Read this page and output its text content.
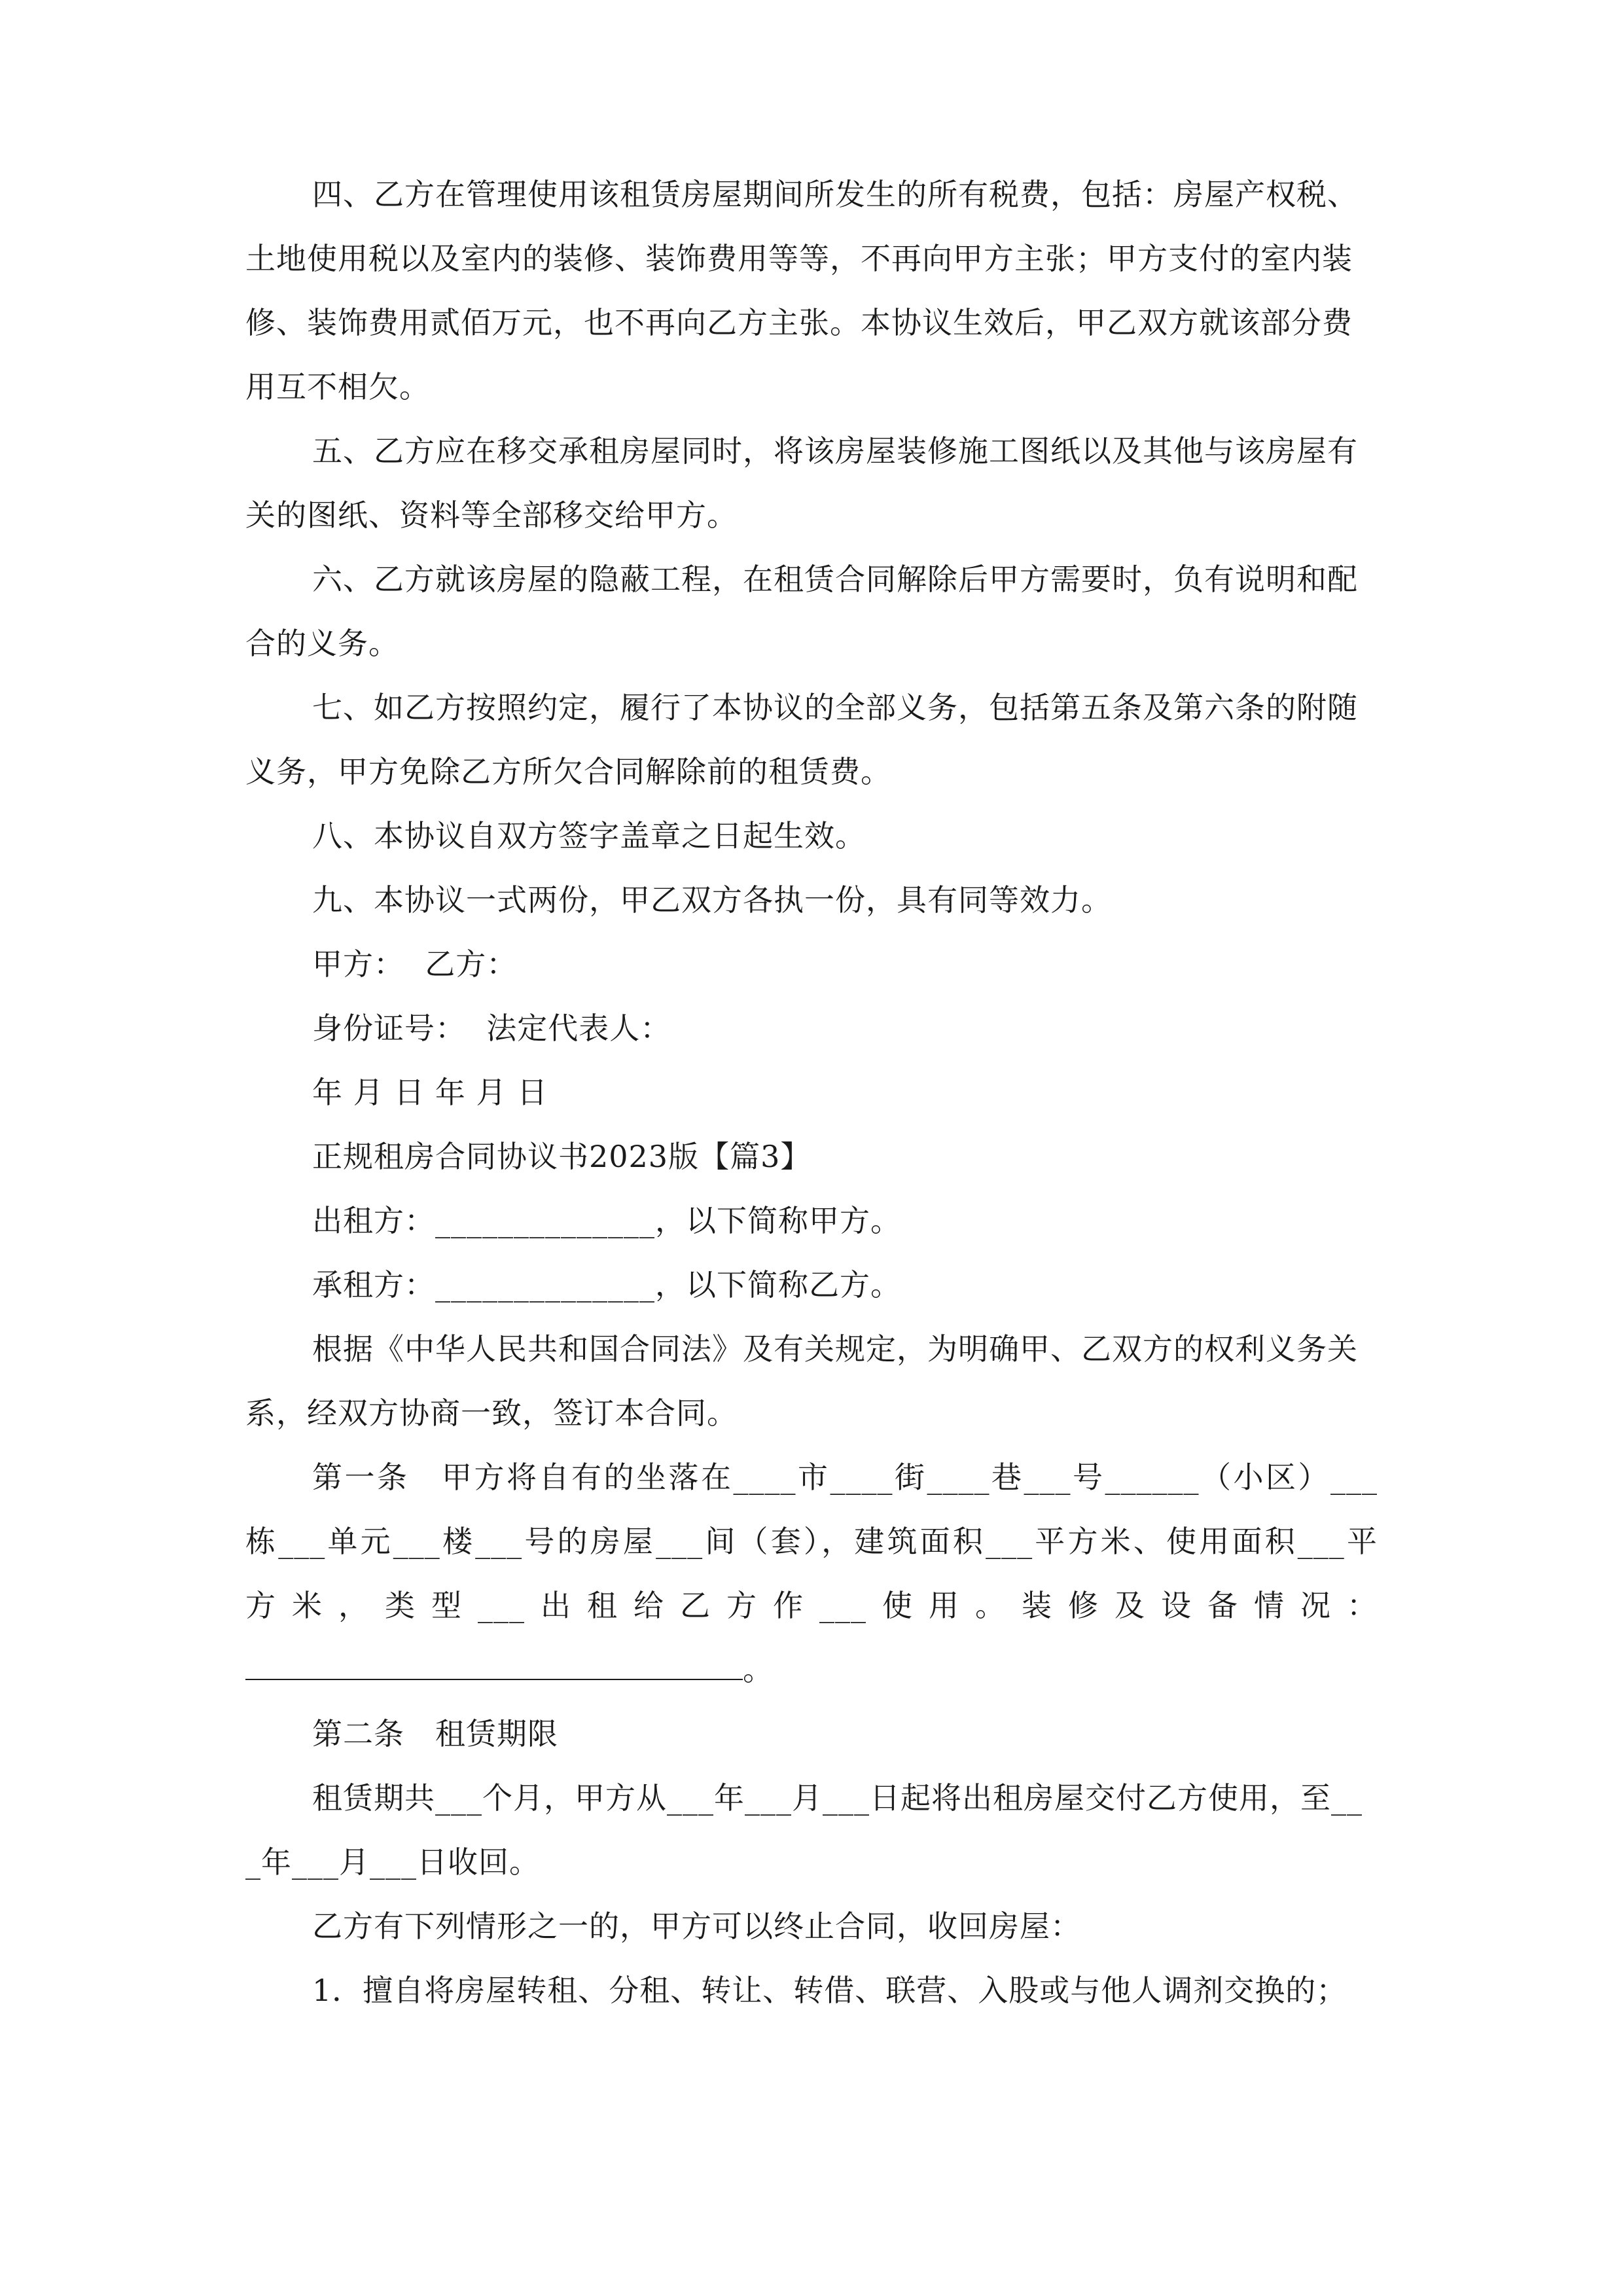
四、乙方在管理使用该租赁房屋期间所发生的所有税费，包括：房屋产权税、土地使用税以及室内的装修、装饰费用等等，不再向甲方主张；甲方支付的室内装修、装饰费用贰佰万元，也不再向乙方主张。本协议生效后，甲乙双方就该部分费用互不相欠。

五、乙方应在移交承租房屋同时，将该房屋装修施工图纸以及其他与该房屋有关的图纸、资料等全部移交给甲方。

六、乙方就该房屋的隐蔽工程，在租赁合同解除后甲方需要时，负有说明和配合的义务。

七、如乙方按照约定，履行了本协议的全部义务，包括第五条及第六条的附随义务，甲方免除乙方所欠合同解除前的租赁费。

八、本协议自双方签字盖章之日起生效。

九、本协议一式两份，甲乙双方各执一份，具有同等效力。

甲方：  乙方：

身份证号：  法定代表人：

年 月 日 年 月 日

正规租房合同协议书2023版【篇3】

出租方：______________，以下简称甲方。

承租方：______________，以下简称乙方。

根据《中华人民共和国合同法》及有关规定，为明确甲、乙双方的权利义务关系，经双方协商一致，签订本合同。

第一条　甲方将自有的坐落在____市____街____巷___号______（小区）___

栋___单元___楼___号的房屋___间（套），建筑面积___平方米、使用面积___平

方米，类型___出租给乙方作___使用。装修及设备情况：

。

第二条　租赁期限

租赁期共___个月，甲方从___年___月___日起将出租房屋交付乙方使用，至___年___月___日收回。

乙方有下列情形之一的，甲方可以终止合同，收回房屋：

1．擅自将房屋转租、分租、转让、转借、联营、入股或与他人调剂交换的；
